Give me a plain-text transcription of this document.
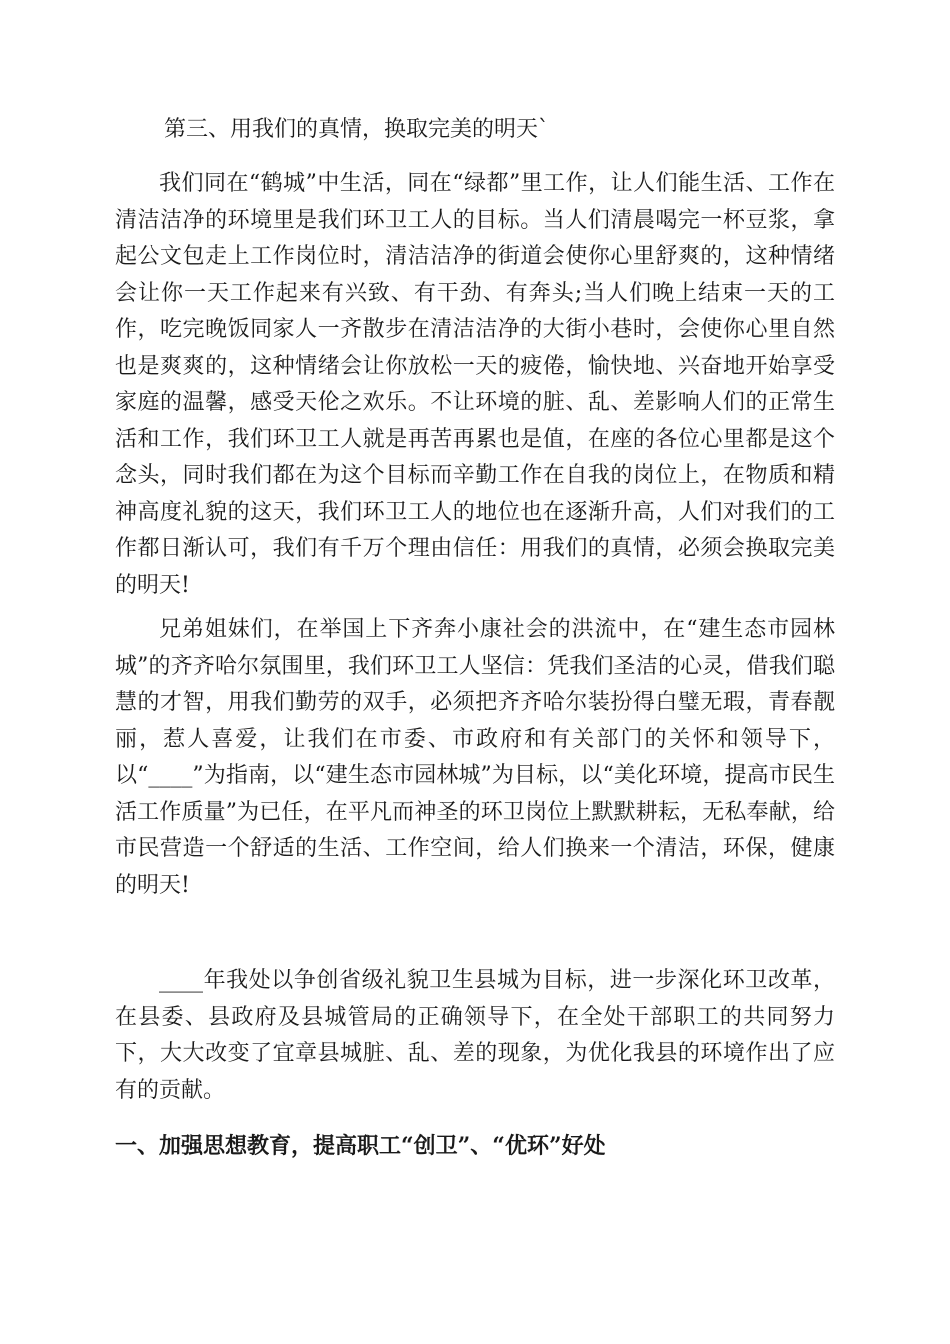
第三、用我们的真情，换取完美的明天`

我们同在“鹤城”中生活，同在“绿都”里工作，让人们能生活、工作在清洁洁净的环境里是我们环卫工人的目标。当人们清晨喝完一杯豆浆，拿起公文包走上工作岗位时，清洁洁净的街道会使你心里舒爽的，这种情绪会让你一天工作起来有兴致、有干劲、有奔头;当人们晚上结束一天的工作，吃完晚饭同家人一齐散步在清洁洁净的大街小巷时，会使你心里自然也是爽爽的，这种情绪会让你放松一天的疲倦，愉快地、兴奋地开始享受家庭的温馨，感受天伦之欢乐。不让环境的脏、乱、差影响人们的正常生活和工作，我们环卫工人就是再苦再累也是值，在座的各位心里都是这个念头，同时我们都在为这个目标而辛勤工作在自我的岗位上，在物质和精神高度礼貌的这天，我们环卫工人的地位也在逐渐升高，人们对我们的工作都日渐认可，我们有千万个理由信任：用我们的真情，必须会换取完美的明天!

兄弟姐妹们，在举国上下齐奔小康社会的洪流中，在“建生态市园林城”的齐齐哈尔氛围里，我们环卫工人坚信：凭我们圣洁的心灵，借我们聪慧的才智，用我们勤劳的双手，必须把齐齐哈尔装扮得白璧无瑕，青春靓丽，惹人喜爱，让我们在市委、市政府和有关部门的关怀和领导下，以“____”为指南，以“建生态市园林城”为目标，以“美化环境，提高市民生活工作质量”为已任，在平凡而神圣的环卫岗位上默默耕耘，无私奉献，给市民营造一个舒适的生活、工作空间，给人们换来一个清洁，环保，健康的明天!

____年我处以争创省级礼貌卫生县城为目标，进一步深化环卫改革，在县委、县政府及县城管局的正确领导下，在全处干部职工的共同努力下，大大改变了宜章县城脏、乱、差的现象，为优化我县的环境作出了应有的贡献。

一、加强思想教育，提高职工“创卫”、“优环”好处
